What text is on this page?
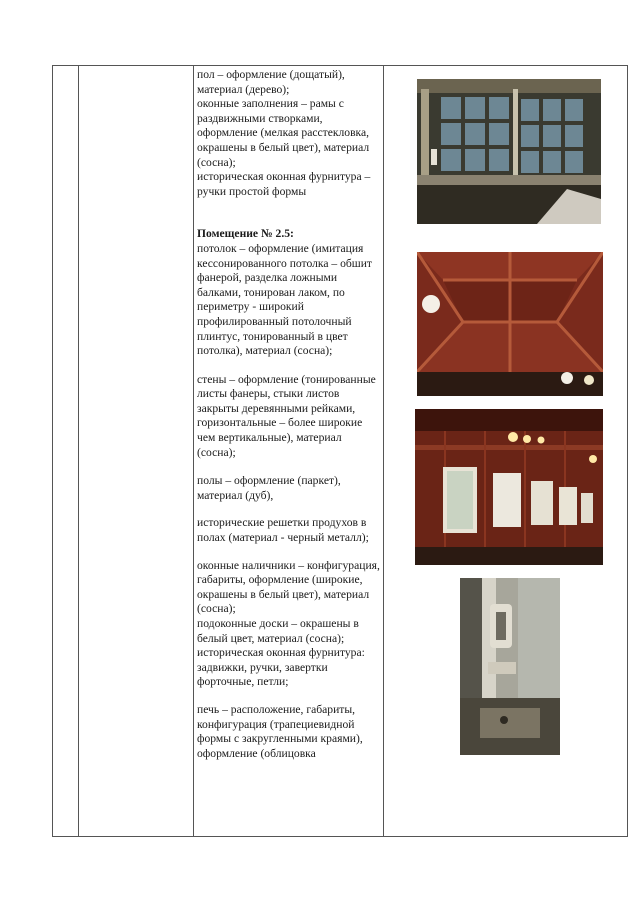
пол – оформление (дощатый), материал (дерево);
оконные заполнения – рамы с раздвижными створками, оформление (мелкая расстекловка, окрашены в белый цвет), материал (сосна);
историческая оконная фурнитура – ручки простой формы

Помещение № 2.5:

потолок – оформление (имитация кессонированного потолка – обшит фанерой, разделка ложными балками, тонирован лаком, по периметру - широкий профилированный потолочный плинтус, тонированный в цвет потолка), материал (сосна);

стены – оформление (тонированные листы фанеры, стыки листов закрыты деревянными рейками, горизонтальные – более широкие чем вертикальные), материал (сосна);

полы – оформление (паркет), материал (дуб),

исторические решетки продухов в полах (материал - черный металл);

оконные наличники – конфигурация, габариты, оформление (широкие, окрашены в белый цвет), материал (сосна);
подоконные доски – окрашены в белый цвет, материал (сосна);
историческая оконная фурнитура: задвижки, ручки, завертки форточные, петли;

печь – расположение, габариты, конфигурация (трапециевидной формы с закругленными краями), оформление (облицовка
